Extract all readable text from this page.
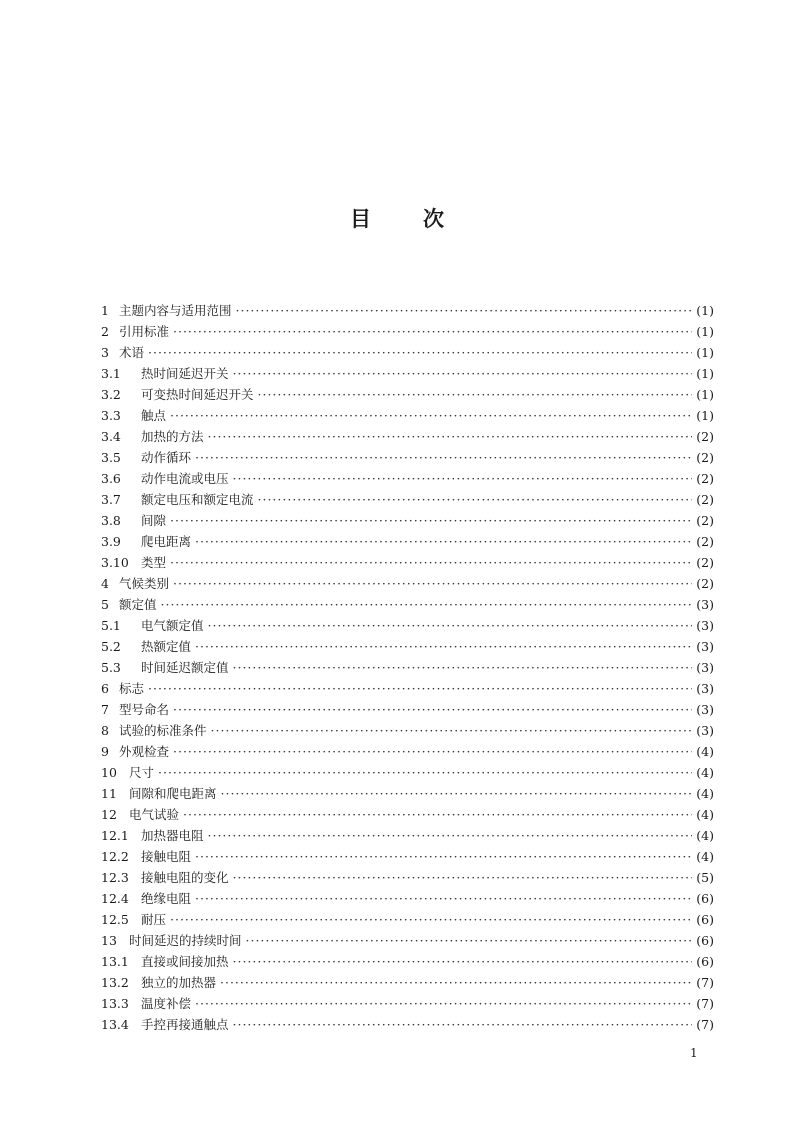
目 次
1 主题内容与适用范围 ·····	(1)
2 引用标准 ·····	(1)
3 术语 ·····	(1)
3.1	热时间延迟开关 ·····	(1)
3.2	可变热时间延迟开关 ·····	(1)
3.3	触点 ·····	(1)
3.4	加热的方法 ·····	(2)
3.5	动作循环 ·····	(2)
3.6	动作电流或电压 ·····	(2)
3.7	额定电压和额定电流 ·····	(2)
3.8	间隙 ·····	(2)
3.9	爬电距离 ·····	(2)
3.10 类型 ·····	(2)
4 气候类别 ·····	(2)
5 额定值 ·····	(3)
5.1	电气额定值 ·····	(3)
5.2	热额定值 ·····	(3)
5.3	时间延迟额定值 ·····	(3)
6 标志 ·····	(3)
7 型号命名 ·····	(3)
8 试验的标准条件 ·····	(3)
9 外观检查 ·····	(4)
10 尺寸 ·····	(4)
11 间隙和爬电距离 ·····	(4)
12 电气试验 ·····	(4)
12.1 加热器电阻 ·····	(4)
12.2 接触电阻 ·····	(4)
12.3 接触电阻的变化 ·····	(5)
12.4 绝缘电阻 ·····	(6)
12.5 耐压 ·····	(6)
13 时间延迟的持续时间 ·····	(6)
13.1 直接或间接加热 ·····	(6)
13.2 独立的加热器 ·····	(7)
13.3 温度补偿 ·····	(7)
13.4 手控再接通触点 ·····	(7)
1
